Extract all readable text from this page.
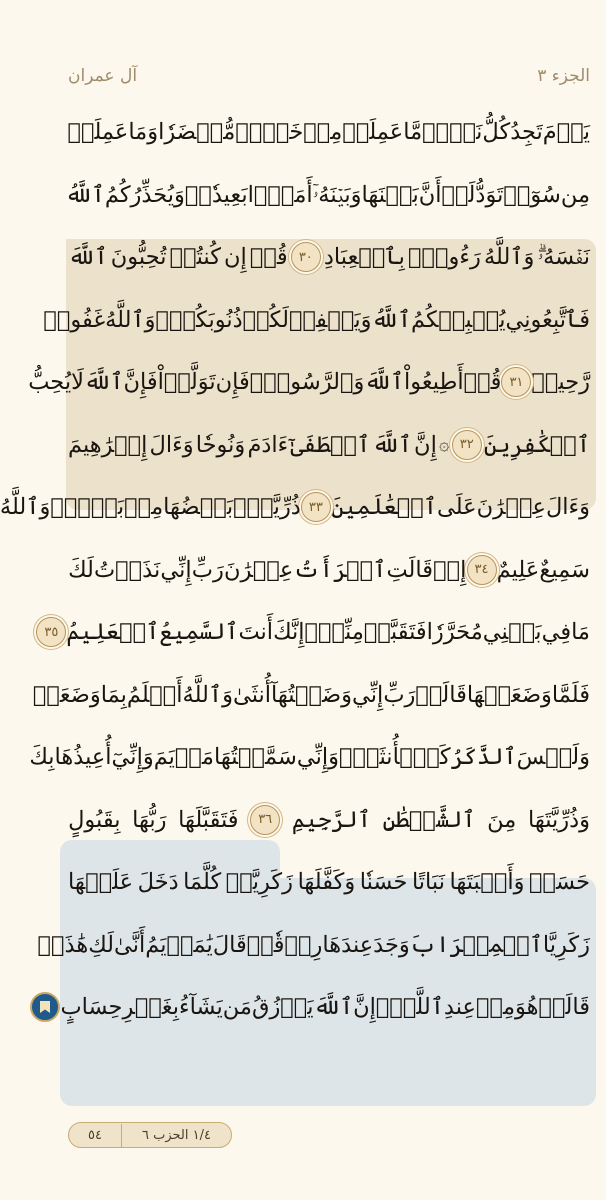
آل عمران	الجزء ٣
يَوۡمَ
تَجِدُ
كُلُّ
نَفۡسٖ
مَّا
عَمِلَتۡ
مِنۡ
خَيۡرٖ
مُّحۡضَرٗا
وَمَا
عَمِلَتۡ
مِن
سُوٓءٖ
تَوَدُّ
لَوۡ
أَنَّ
بَيۡنَهَا
وَبَيۡنَهُۥٓ
أَمَدَۢا
بَعِيدٗاۗ
وَيُحَذِّرُكُمُ
ٱللَّهُ
نَفۡسَهُۥۗ
وَٱللَّهُ
رَءُوفُۢ
بِٱلۡعِبَادِ
٣٠
قُلۡ
إِن
كُنتُمۡ
تُحِبُّونَ
ٱللَّهَ
فَٱتَّبِعُونِي
يُحۡبِبۡكُمُ
ٱللَّهُ
وَيَغۡفِرۡ
لَكُمۡ
ذُنُوبَكُمۡۚ
وَٱللَّهُ
غَفُورٞ
رَّحِيمٞ
٣١
قُلۡ
أَطِيعُواْ
ٱللَّهَ
وَٱلرَّسُولَۖ
فَإِن
تَوَلَّوۡاْ
فَإِنَّ
ٱللَّهَ
لَا
يُحِبُّ
ٱلۡكَٰفِرِينَ
٣٢
۞
إِنَّ
ٱللَّهَ
ٱصۡطَفَىٰٓ
ءَادَمَ
وَنُوحٗا
وَءَالَ
إِبۡرَٰهِيمَ
وَءَالَ
عِمۡرَٰنَ
عَلَى
ٱلۡعَٰلَمِينَ
٣٣
ذُرِّيَّةَۢ
بَعۡضُهَا
مِنۢ
بَعۡضٖۗ
وَٱللَّهُ
سَمِيعٌ
عَلِيمٌ
٣٤
إِذۡ
قَالَتِ
ٱمۡرَأَتُ
عِمۡرَٰنَ
رَبِّ
إِنِّي
نَذَرۡتُ
لَكَ
مَا
فِي
بَطۡنِي
مُحَرَّرٗا
فَتَقَبَّلۡ
مِنِّيٓۖ
إِنَّكَ
أَنتَ
ٱلسَّمِيعُ
ٱلۡعَلِيمُ
٣٥
فَلَمَّا
وَضَعَتۡهَا
قَالَتۡ
رَبِّ
إِنِّي
وَضَعۡتُهَآ
أُنثَىٰ
وَٱللَّهُ
أَعۡلَمُ
بِمَا
وَضَعَتۡ
وَلَيۡسَ
ٱلذَّكَرُ
كَٱلۡأُنثَىٰۖ
وَإِنِّي
سَمَّيۡتُهَا
مَرۡيَمَ
وَإِنِّيٓ
أُعِيذُهَا
بِكَ
وَذُرِّيَّتَهَا
مِنَ
ٱلشَّيۡطَٰنِ
ٱلرَّجِيمِ
٣٦
فَتَقَبَّلَهَا
رَبُّهَا
بِقَبُولٍ
حَسَنٖ
وَأَنۢبَتَهَا
نَبَاتًا
حَسَنٗا
وَكَفَّلَهَا
زَكَرِيَّاۖ
كُلَّمَا
دَخَلَ
عَلَيۡهَا
زَكَرِيَّا
ٱلۡمِحۡرَابَ
وَجَدَ
عِندَهَا
رِزۡقٗاۖ
قَالَ
يَٰمَرۡيَمُ
أَنَّىٰ
لَكِ
هَٰذَاۖ
قَالَتۡ
هُوَ
مِنۡ
عِندِ
ٱللَّهِۖ
إِنَّ
ٱللَّهَ
يَرۡزُقُ
مَن
يَشَآءُ
بِغَيۡرِ
حِسَابٍ
٥٤	١/٤ الحزب ٦
